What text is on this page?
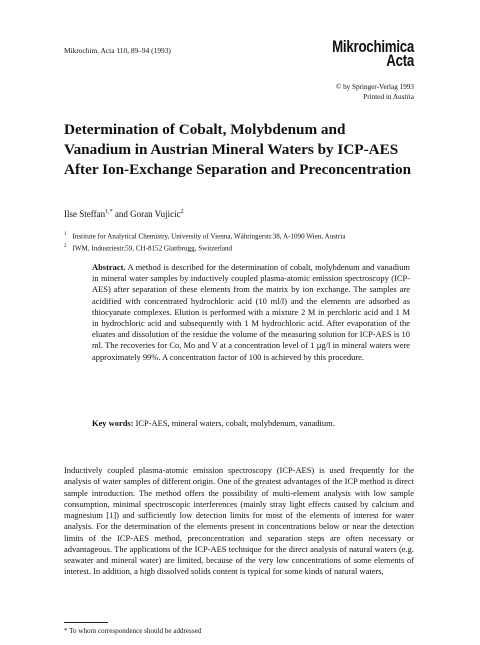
Mikrochim. Acta 110, 89–94 (1993)	Mikrochimica
Acta
© by Springer-Verlag 1993
Printed in Austria
Determination of Cobalt, Molybdenum and Vanadium in Austrian Mineral Waters by ICP-AES After Ion-Exchange Separation and Preconcentration
Ilse Steffan$^{1,*}$ and Goran Vujicic$^2$
$^1$ Institute for Analytical Chemistry, University of Vienna, Währingerstr.38, A-1090 Wien, Austria
$^2$ IWM, Industriestr.59, CH-8152 Glattbrugg, Switzerland

Abstract. A method is described for the determination of cobalt, molybdenum and vanadium in mineral water samples by inductively coupled plasma-atomic emission spectroscopy (ICP-AES) after separation of these elements from the matrix by ion exchange. The samples are acidified with concentrated hydrochloric acid (10 ml/l) and the elements are adsorbed as thiocyanate complexes. Elution is performed with a mixture 2 M in perchloric acid and 1 M in hydrochloric acid and subsequently with 1 M hydrochloric acid. After evaporation of the eluates and dissolution of the residue the volume of the measuring solution for ICP-AES is 10 ml. The recoveries for Co, Mo and V at a concentration level of 1 µg/l in mineral waters were approximately 99%. A concentration factor of 100 is achieved by this procedure.

Key words: ICP-AES, mineral waters, cobalt, molybdenum, vanadium.

Inductively coupled plasma-atomic emission spectroscopy (ICP-AES) is used frequently for the analysis of water samples of different origin. One of the greatest advantages of the ICP method is direct sample introduction. The method offers the possibility of multi-element analysis with low sample consumption, minimal spectroscopic interferences (mainly stray light effects caused by calcium and magnesium [1]) and sufficiently low detection limits for most of the elements of interest for water analysis. For the determination of the elements present in concentrations below or near the detection limits of the ICP-AES method, preconcentration and separation steps are often necessary or advantageous. The applications of the ICP-AES technique for the direct analysis of natural waters (e.g. seawater and mineral water) are limited, because of the very low concentrations of some elements of interest. In addition, a high dissolved solids content is typical for some kinds of natural waters,

* To whom correspondence should be addressed
